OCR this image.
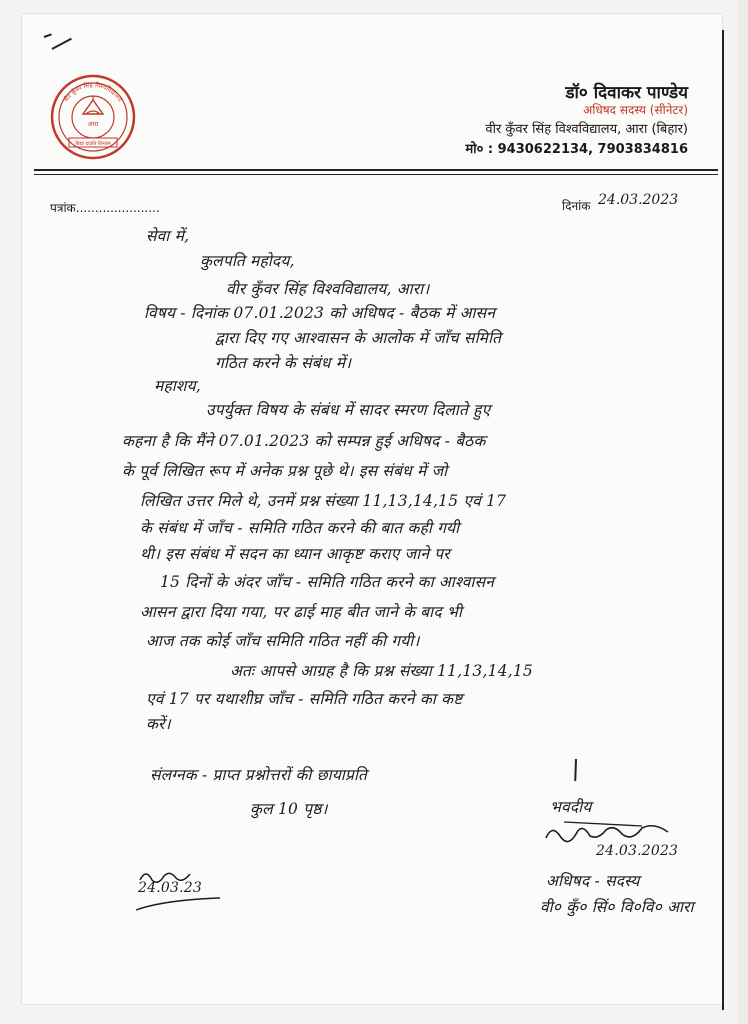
वीर कुँवर सिंह विश्वविद्यालय
आरा
विद्या ददाति विनयम्
डॉ० दिवाकर पाण्डेय
अधिषद सदस्य (सीनेटर)
वीर कुँवर सिंह विश्वविद्यालय, आरा (बिहार)
मो० : 9430622134, 7903834816
पत्रांक......................	दिनांक 24.03.2023
सेवा में,
कुलपति महोदय,
वीर कुँवर सिंह विश्वविद्यालय, आरा।
विषय - दिनांक 07.01.2023 को अधिषद - बैठक में आसन
द्वारा दिए गए आश्वासन के आलोक में जाँच समिति
गठित करने के संबंध में।
महाशय,
उपर्युक्त विषय के संबंध में सादर स्मरण दिलाते हुए
कहना है कि मैंने 07.01.2023 को सम्पन्न हुई अधिषद - बैठक
के पूर्व लिखित रूप में अनेक प्रश्न पूछे थे। इस संबंध में जो
लिखित उत्तर मिले थे, उनमें प्रश्न संख्या 11,13,14,15 एवं 17
के संबंध में जाँच - समिति गठित करने की बात कही गयी
थी। इस संबंध में सदन का ध्यान आकृष्ट कराए जाने पर
15 दिनों के अंदर जाँच - समिति गठित करने का आश्वासन
आसन द्वारा दिया गया, पर ढाई माह बीत जाने के बाद भी
आज तक कोई जाँच समिति गठित नहीं की गयी।
अतः आपसे आग्रह है कि प्रश्न संख्या 11,13,14,15
एवं 17 पर यथाशीघ्र जाँच - समिति गठित करने का कष्ट
करें।
संलग्नक - प्राप्त प्रश्नोत्तरों की छायाप्रति
कुल 10 पृष्ठ।	भवदीय
24.03.2023
अधिषद - सदस्य
वी० कुँ० सिं० वि०वि० आरा
24.03.23
